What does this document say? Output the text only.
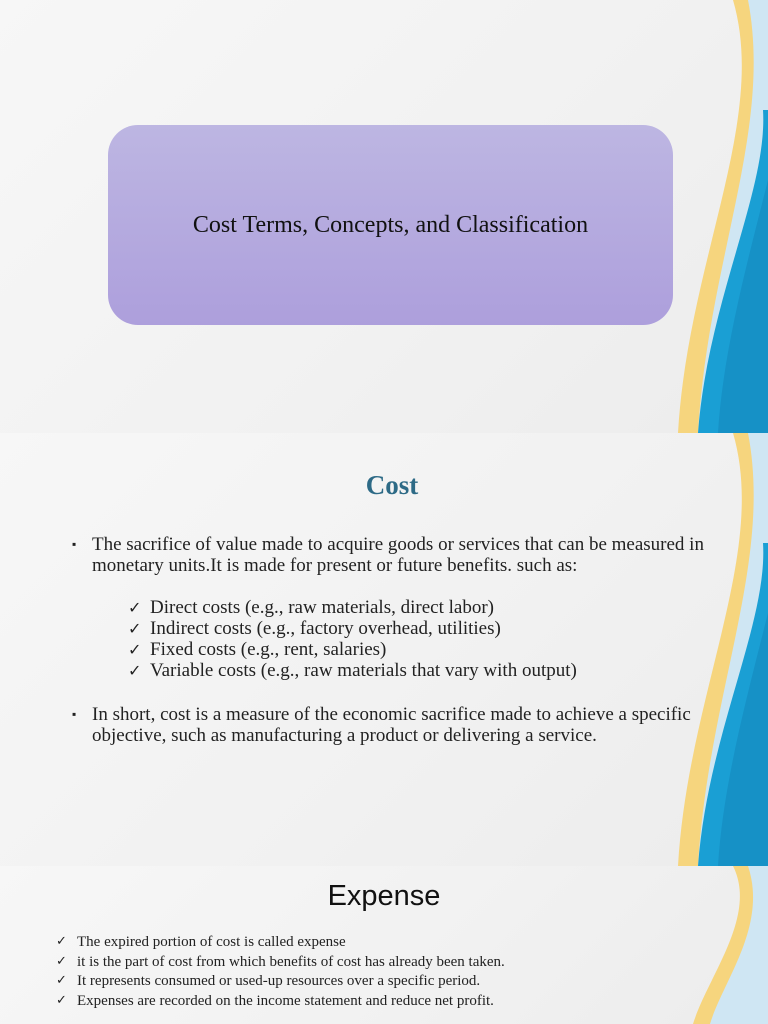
Cost Terms, Concepts, and Classification
Cost
▪ The sacrifice of value made to acquire goods or services that can be measured in
monetary units.It is made for present or future benefits. such as:
✓ Direct costs (e.g., raw materials, direct labor)
✓ Indirect costs (e.g., factory overhead, utilities)
✓ Fixed costs (e.g., rent, salaries)
✓ Variable costs (e.g., raw materials that vary with output)
▪ In short, cost is a measure of the economic sacrifice made to achieve a specific
objective, such as manufacturing a product or delivering a service.
Expense
✓ The expired portion of cost is called expense
✓ it is the part of cost from which benefits of cost has already been taken.
✓ It represents consumed or used-up resources over a specific period.
✓ Expenses are recorded on the income statement and reduce net profit.
